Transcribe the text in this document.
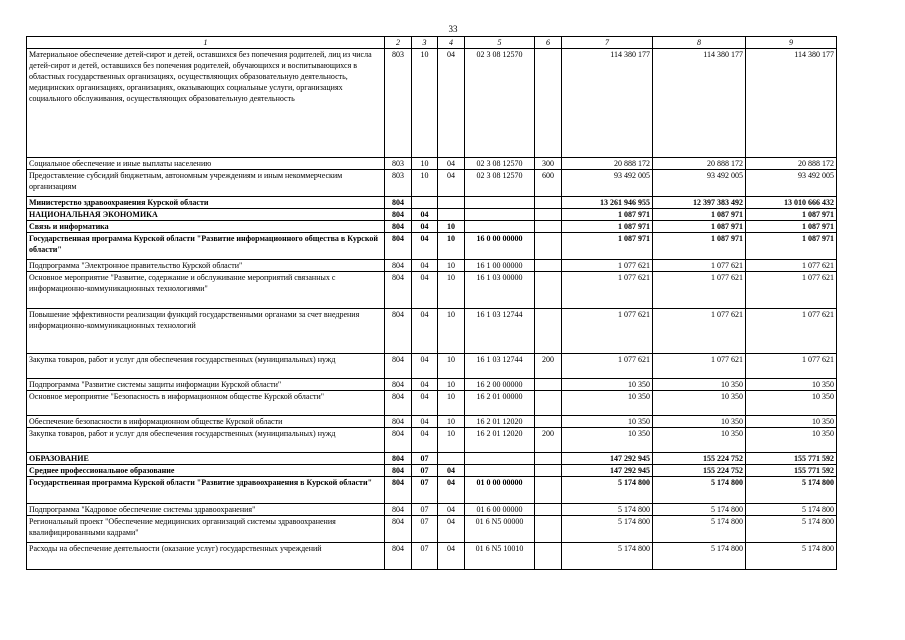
33
1	2	3	4	5	6	7	8	9
Материальное обеспечение детей-сирот и детей, оставшихся без попечения родителей, лиц из числа детей-сирот и детей, оставшихся без попечения родителей, обучающихся и воспитывающихся в областных государственных организациях, осуществляющих образовательную деятельность, медицинских организациях, организациях, оказывающих социальные услуги, организациях социального обслуживания, осуществляющих образовательную деятельность	803	10	04	02 3 08 12570		114 380 177	114 380 177	114 380 177
Социальное обеспечение и иные выплаты населению	803	10	04	02 3 08 12570	300	20 888 172	20 888 172	20 888 172
Предоставление субсидий бюджетным, автономным учреждениям и иным некоммерческим организациям	803	10	04	02 3 08 12570	600	93 492 005	93 492 005	93 492 005
Министерство здравоохранения Курской области	804					13 261 946 955	12 397 383 492	13 010 666 432
НАЦИОНАЛЬНАЯ ЭКОНОМИКА	804	04				1 087 971	1 087 971	1 087 971
Связь и информатика	804	04	10			1 087 971	1 087 971	1 087 971
Государственная программа Курской области "Развитие информационного общества в Курской области"	804	04	10	16 0 00 00000		1 087 971	1 087 971	1 087 971
Подпрограмма "Электронное правительство Курской области"	804	04	10	16 1 00 00000		1 077 621	1 077 621	1 077 621
Основное мероприятие "Развитие, содержание и обслуживание мероприятий связанных с информационно-коммуникационных технологиями"	804	04	10	16 1 03 00000		1 077 621	1 077 621	1 077 621
Повышение эффективности реализации функций государственными органами за счет внедрения информационно-коммуникационных технологий	804	04	10	16 1 03 12744		1 077 621	1 077 621	1 077 621
Закупка товаров, работ и услуг для обеспечения государственных (муниципальных) нужд	804	04	10	16 1 03 12744	200	1 077 621	1 077 621	1 077 621
Подпрограмма "Развитие системы защиты информации Курской области"	804	04	10	16 2 00 00000		10 350	10 350	10 350
Основное мероприятие "Безопасность в информационном обществе Курской области"	804	04	10	16 2 01 00000		10 350	10 350	10 350
Обеспечение безопасности в информационном обществе Курской области	804	04	10	16 2 01 12020		10 350	10 350	10 350
Закупка товаров, работ и услуг для обеспечения государственных (муниципальных) нужд	804	04	10	16 2 01 12020	200	10 350	10 350	10 350
ОБРАЗОВАНИЕ	804	07				147 292 945	155 224 752	155 771 592
Среднее профессиональное образование	804	07	04			147 292 945	155 224 752	155 771 592
Государственная программа Курской области "Развитие здравоохранения в Курской области"	804	07	04	01 0 00 00000		5 174 800	5 174 800	5 174 800
Подпрограмма "Кадровое обеспечение системы здравоохранения"	804	07	04	01 6 00 00000		5 174 800	5 174 800	5 174 800
Региональный проект "Обеспечение медицинских организаций системы здравоохранения квалифицированными кадрами"	804	07	04	01 6 N5 00000		5 174 800	5 174 800	5 174 800
Расходы на обеспечение деятельности (оказание услуг) государственных учреждений	804	07	04	01 6 N5 10010		5 174 800	5 174 800	5 174 800
